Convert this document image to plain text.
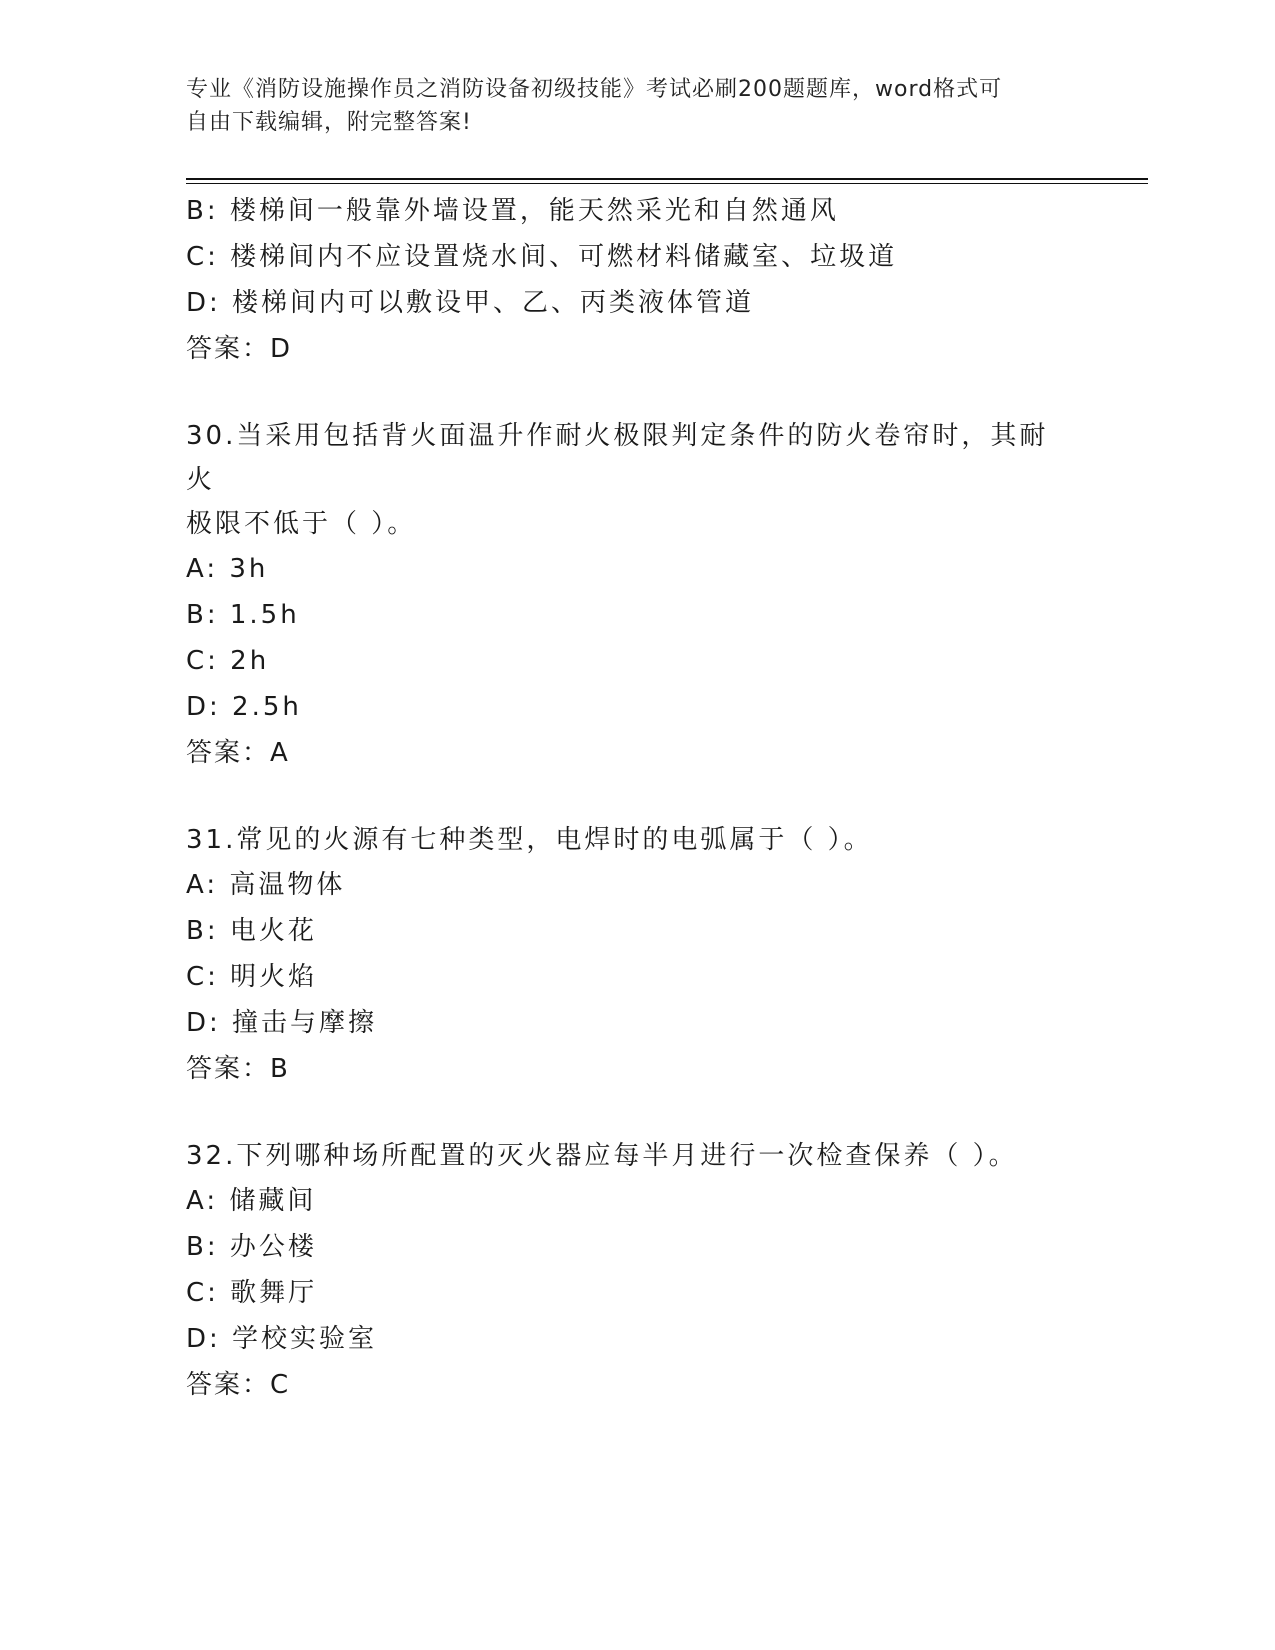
专业《消防设施操作员之消防设备初级技能》考试必刷200题题库，word格式可
自由下载编辑，附完整答案!
B: 楼梯间一般靠外墙设置，能天然采光和自然通风
C: 楼梯间内不应设置烧水间、可燃材料储藏室、垃圾道
D: 楼梯间内可以敷设甲、乙、丙类液体管道
答案：D
30.当采用包括背火面温升作耐火极限判定条件的防火卷帘时，其耐火
极限不低于（ ）。
A: 3h
B: 1.5h
C: 2h
D: 2.5h
答案：A
31.常见的火源有七种类型，电焊时的电弧属于（ ）。
A: 高温物体
B: 电火花
C: 明火焰
D: 撞击与摩擦
答案：B
32.下列哪种场所配置的灭火器应每半月进行一次检查保养（ ）。
A: 储藏间
B: 办公楼
C: 歌舞厅
D: 学校实验室
答案：C
